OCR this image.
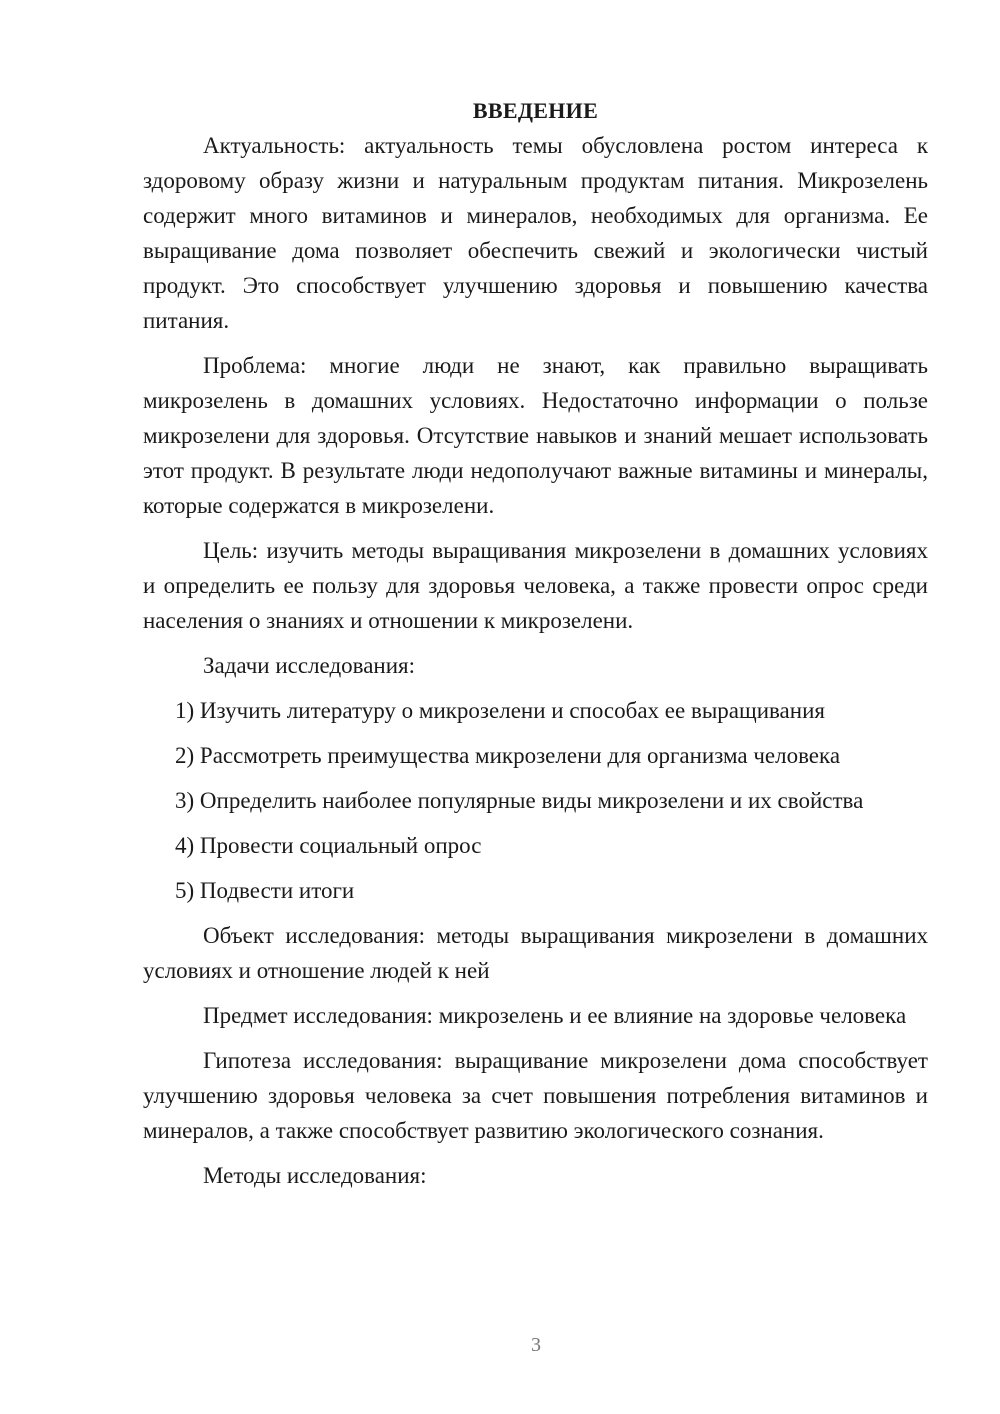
ВВЕДЕНИЕ

Актуальность: актуальность темы обусловлена ростом интереса к здоровому образу жизни и натуральным продуктам питания. Микрозелень содержит много витаминов и минералов, необходимых для организма. Ее выращивание дома позволяет обеспечить свежий и экологически чистый продукт. Это способствует улучшению здоровья и повышению качества питания.

Проблема: многие люди не знают, как правильно выращивать микрозелень в домашних условиях. Недостаточно информации о пользе микрозелени для здоровья. Отсутствие навыков и знаний мешает использовать этот продукт. В результате люди недополучают важные витамины и минералы, которые содержатся в микрозелени.

Цель: изучить методы выращивания микрозелени в домашних условиях и определить ее пользу для здоровья человека, а также провести опрос среди населения о знаниях и отношении к микрозелени.

Задачи исследования:
1) Изучить литературу о микрозелени и способах ее выращивания
2) Рассмотреть преимущества микрозелени для организма человека
3) Определить наиболее популярные виды микрозелени и их свойства
4) Провести социальный опрос
5) Подвести итоги

Объект исследования: методы выращивания микрозелени в домашних условиях и отношение людей к ней

Предмет исследования: микрозелень и ее влияние на здоровье человека

Гипотеза исследования: выращивание микрозелени дома способствует улучшению здоровья человека за счет повышения потребления витаминов и минералов, а также способствует развитию экологического сознания.

Методы исследования:

3
